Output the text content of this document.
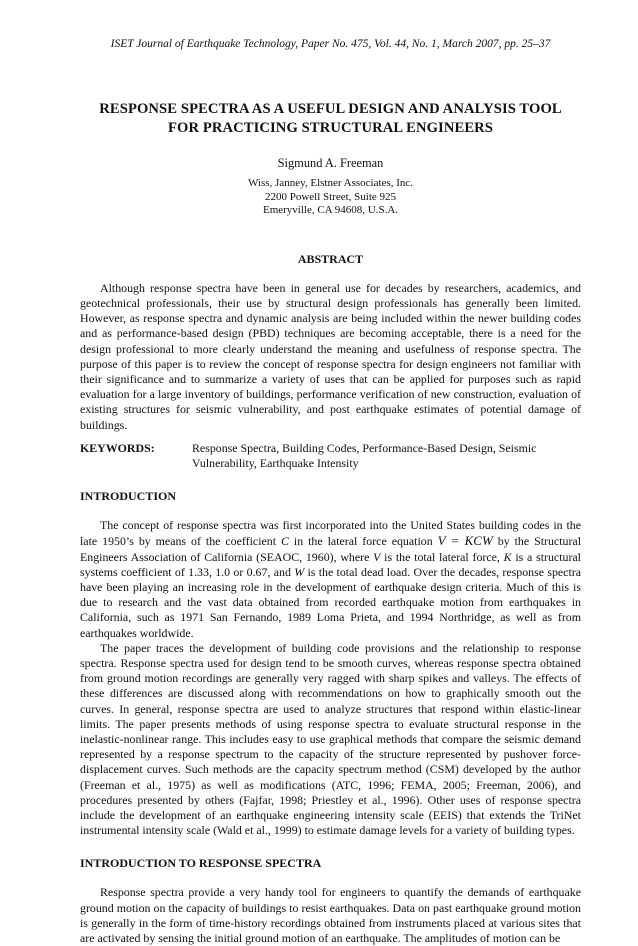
ISET Journal of Earthquake Technology, Paper No. 475, Vol. 44, No. 1, March 2007, pp. 25–37
RESPONSE SPECTRA AS A USEFUL DESIGN AND ANALYSIS TOOL
FOR PRACTICING STRUCTURAL ENGINEERS
Sigmund A. Freeman
Wiss, Janney, Elstner Associates, Inc.
2200 Powell Street, Suite 925
Emeryville, CA 94608, U.S.A.
ABSTRACT

Although response spectra have been in general use for decades by researchers, academics, and geotechnical professionals, their use by structural design professionals has generally been limited. However, as response spectra and dynamic analysis are being included within the newer building codes and as performance-based design (PBD) techniques are becoming acceptable, there is a need for the design professional to more clearly understand the meaning and usefulness of response spectra. The purpose of this paper is to review the concept of response spectra for design engineers not familiar with their significance and to summarize a variety of uses that can be applied for purposes such as rapid evaluation for a large inventory of buildings, performance verification of new construction, evaluation of existing structures for seismic vulnerability, and post earthquake estimates of potential damage of buildings.

KEYWORDS:	Response Spectra, Building Codes, Performance-Based Design, Seismic Vulnerability, Earthquake Intensity
INTRODUCTION

The concept of response spectra was first incorporated into the United States building codes in the late 1950’s by means of the coefficient C in the lateral force equation V = KCW by the Structural Engineers Association of California (SEAOC, 1960), where V is the total lateral force, K is a structural systems coefficient of 1.33, 1.0 or 0.67, and W is the total dead load. Over the decades, response spectra have been playing an increasing role in the development of earthquake design criteria. Much of this is due to research and the vast data obtained from recorded earthquake motion from earthquakes in California, such as 1971 San Fernando, 1989 Loma Prieta, and 1994 Northridge, as well as from earthquakes worldwide.

The paper traces the development of building code provisions and the relationship to response spectra. Response spectra used for design tend to be smooth curves, whereas response spectra obtained from ground motion recordings are generally very ragged with sharp spikes and valleys. The effects of these differences are discussed along with recommendations on how to graphically smooth out the curves. In general, response spectra are used to analyze structures that respond within elastic-linear limits. The paper presents methods of using response spectra to evaluate structural response in the inelastic-nonlinear range. This includes easy to use graphical methods that compare the seismic demand represented by a response spectrum to the capacity of the structure represented by pushover force-displacement curves. Such methods are the capacity spectrum method (CSM) developed by the author (Freeman et al., 1975) as well as modifications (ATC, 1996; FEMA, 2005; Freeman, 2006), and procedures presented by others (Fajfar, 1998; Priestley et al., 1996). Other uses of response spectra include the development of an earthquake engineering intensity scale (EEIS) that extends the TriNet instrumental intensity scale (Wald et al., 1999) to estimate damage levels for a variety of building types.

INTRODUCTION TO RESPONSE SPECTRA

Response spectra provide a very handy tool for engineers to quantify the demands of earthquake ground motion on the capacity of buildings to resist earthquakes. Data on past earthquake ground motion is generally in the form of time-history recordings obtained from instruments placed at various sites that are activated by sensing the initial ground motion of an earthquake. The amplitudes of motion can be
